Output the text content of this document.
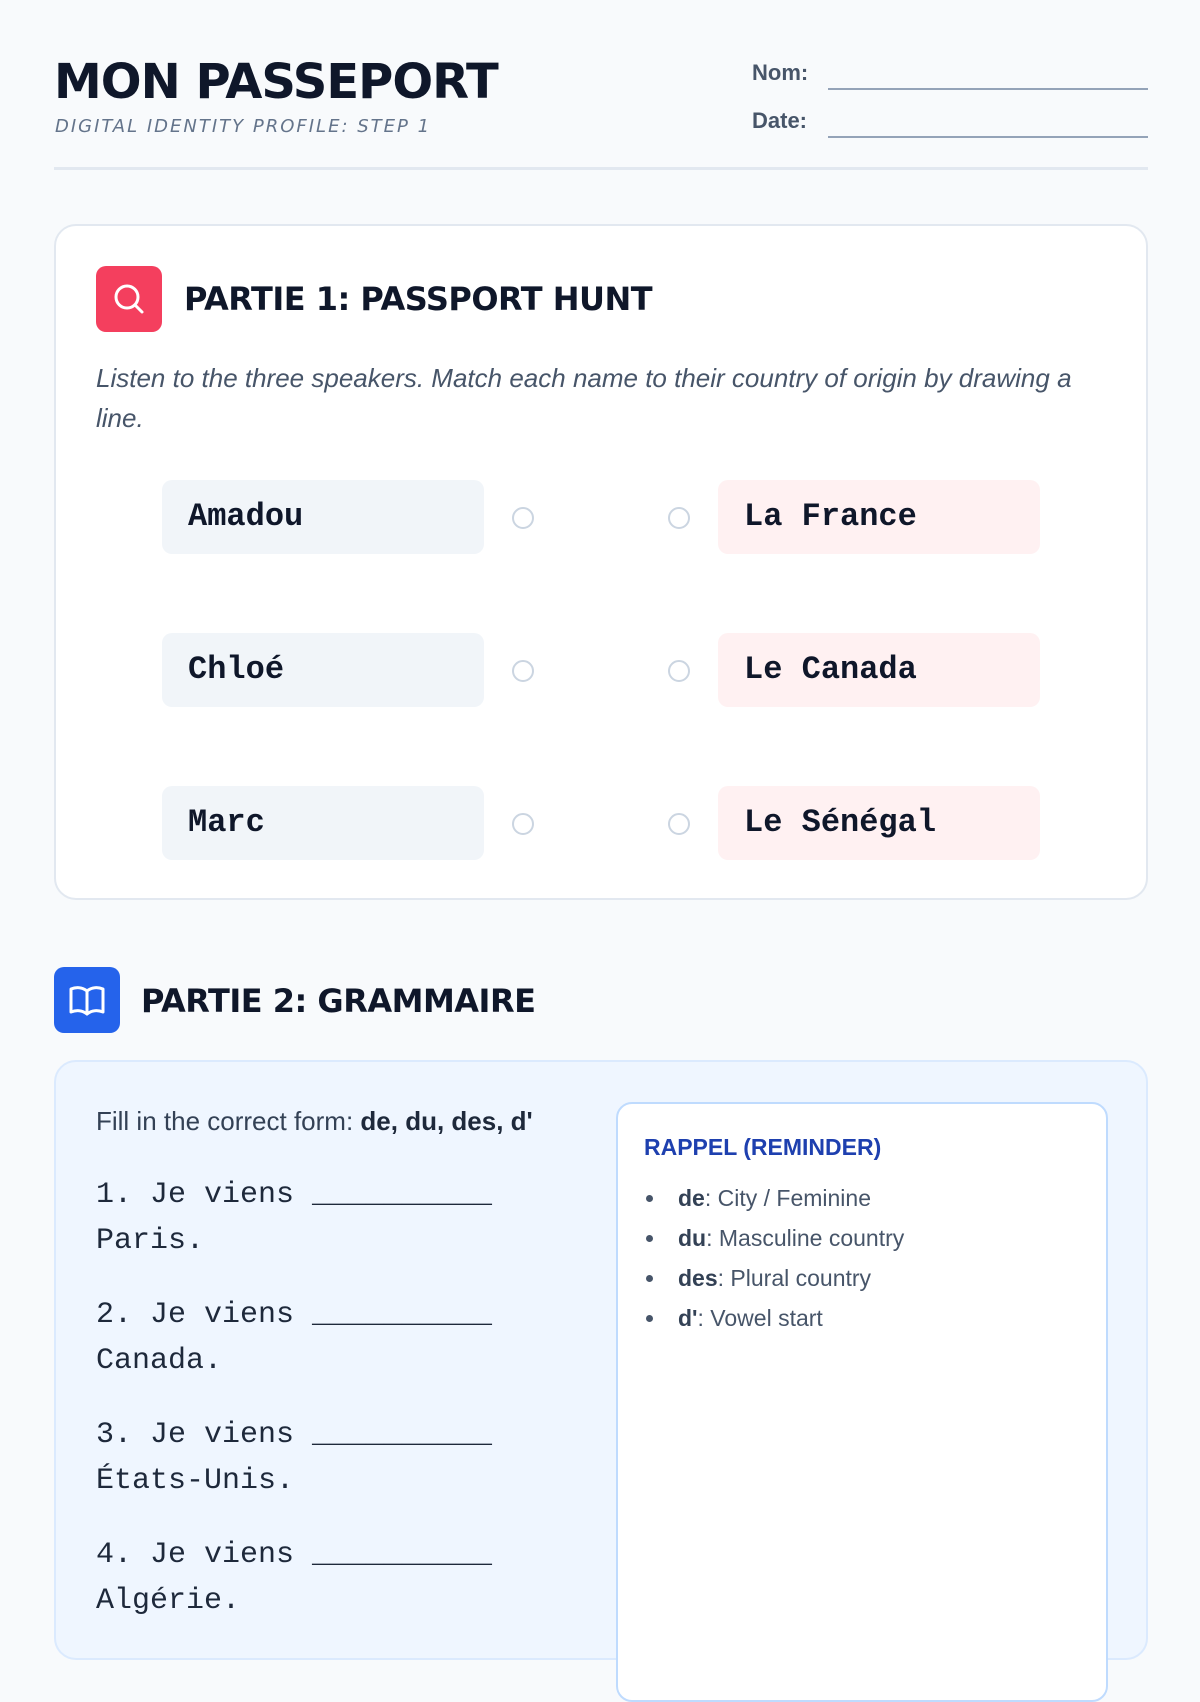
MON PASSEPORT
DIGITAL IDENTITY PROFILE: STEP 1
Nom:
Date:
PARTIE 1: PASSPORT HUNT
Listen to the three speakers. Match each name to their country of origin by drawing a line.
Amadou	La France
Chloé	Le Canada
Marc	Le Sénégal
PARTIE 2: GRAMMAIRE
Fill in the correct form: de, du, des, d'
1. Je viens __________ Paris.
2. Je viens __________ Canada.
3. Je viens __________ États-Unis.
4. Je viens __________ Algérie.
RAPPEL (REMINDER)
de: City / Feminine
du: Masculine country
des: Plural country
d': Vowel start
